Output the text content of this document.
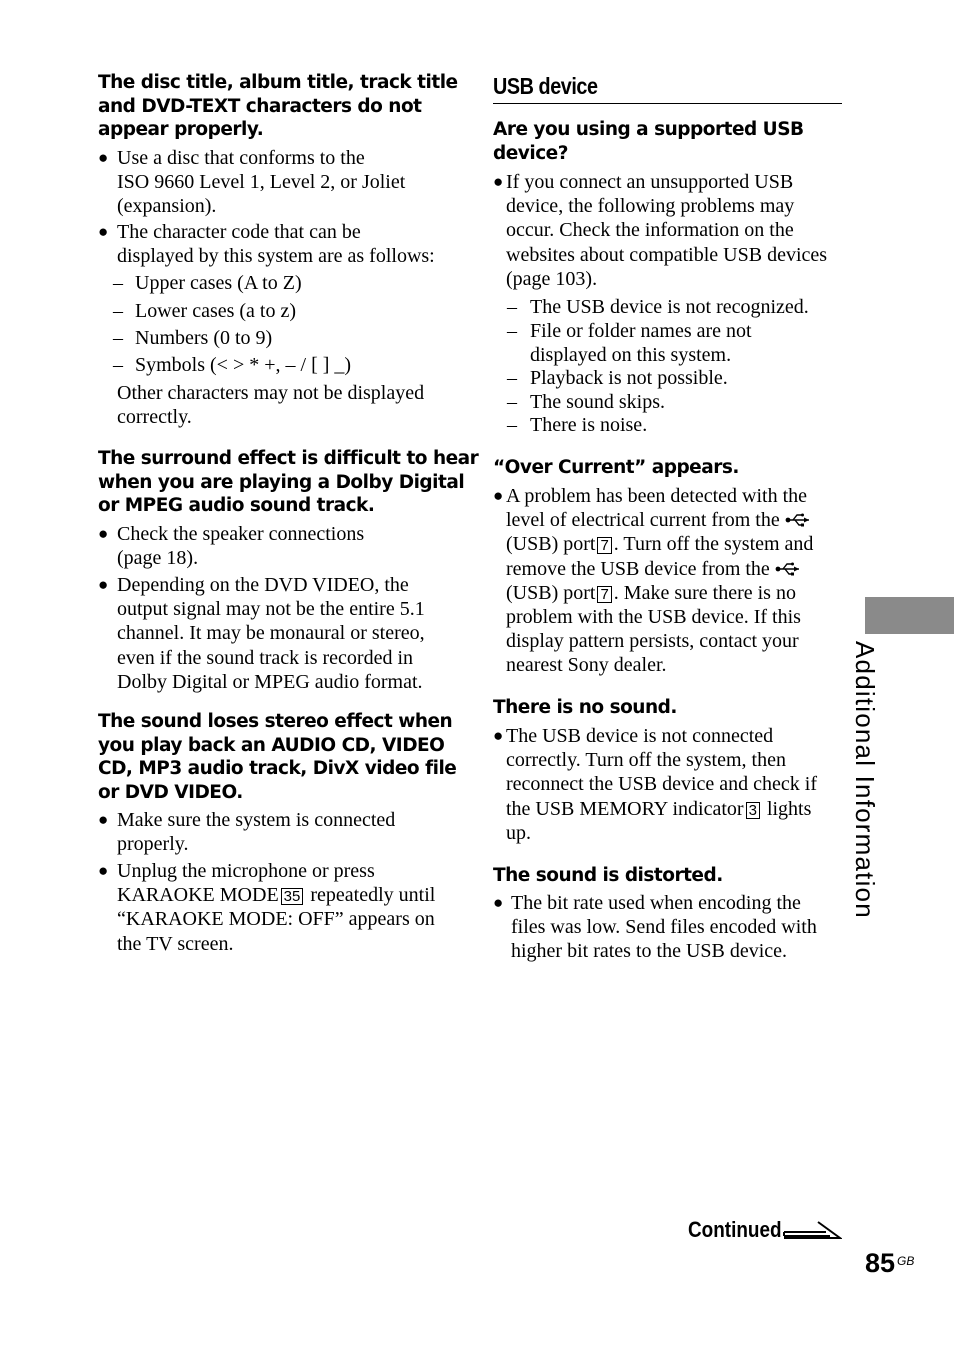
The disc title, album title, track title
and DVD-TEXT characters do not
appear properly.
● Use a disc that conforms to the
ISO 9660 Level 1, Level 2, or Joliet
(expansion).
● The character code that can be
displayed by this system are as follows:
– Upper cases (A to Z)
– Lower cases (a to z)
– Numbers (0 to 9)
– Symbols (< > * +, – / [ ] _)
Other characters may not be displayed
correctly.
The surround effect is difficult to hear
when you are playing a Dolby Digital
or MPEG audio sound track.
● Check the speaker connections
(page 18).
● Depending on the DVD VIDEO, the
output signal may not be the entire 5.1
channel. It may be monaural or stereo,
even if the sound track is recorded in
Dolby Digital or MPEG audio format.
The sound loses stereo effect when
you play back an AUDIO CD, VIDEO
CD, MP3 audio track, DivX video file
or DVD VIDEO.
● Make sure the system is connected
properly.
● Unplug the microphone or press
KARAOKE MODE 35 repeatedly until
“KARAOKE MODE: OFF” appears on
the TV screen.
USB device
Are you using a supported USB
device?
● If you connect an unsupported USB
device, the following problems may
occur. Check the information on the
websites about compatible USB devices
(page 103).
– The USB device is not recognized.
– File or folder names are not
displayed on this system.
– Playback is not possible.
– The sound skips.
– There is noise.
“Over Current” appears.
● A problem has been detected with the
level of electrical current from the
(USB) port 7 . Turn off the system and
remove the USB device from the
(USB) port 7 . Make sure there is no
problem with the USB device. If this
display pattern persists, contact your
nearest Sony dealer.
There is no sound.
● The USB device is not connected
correctly. Turn off the system, then
reconnect the USB device and check if
the USB MEMORY indicator 3 lights
up.
The sound is distorted.
● The bit rate used when encoding the
files was low. Send files encoded with
higher bit rates to the USB device.
Additional Information
Continued
85 GB
